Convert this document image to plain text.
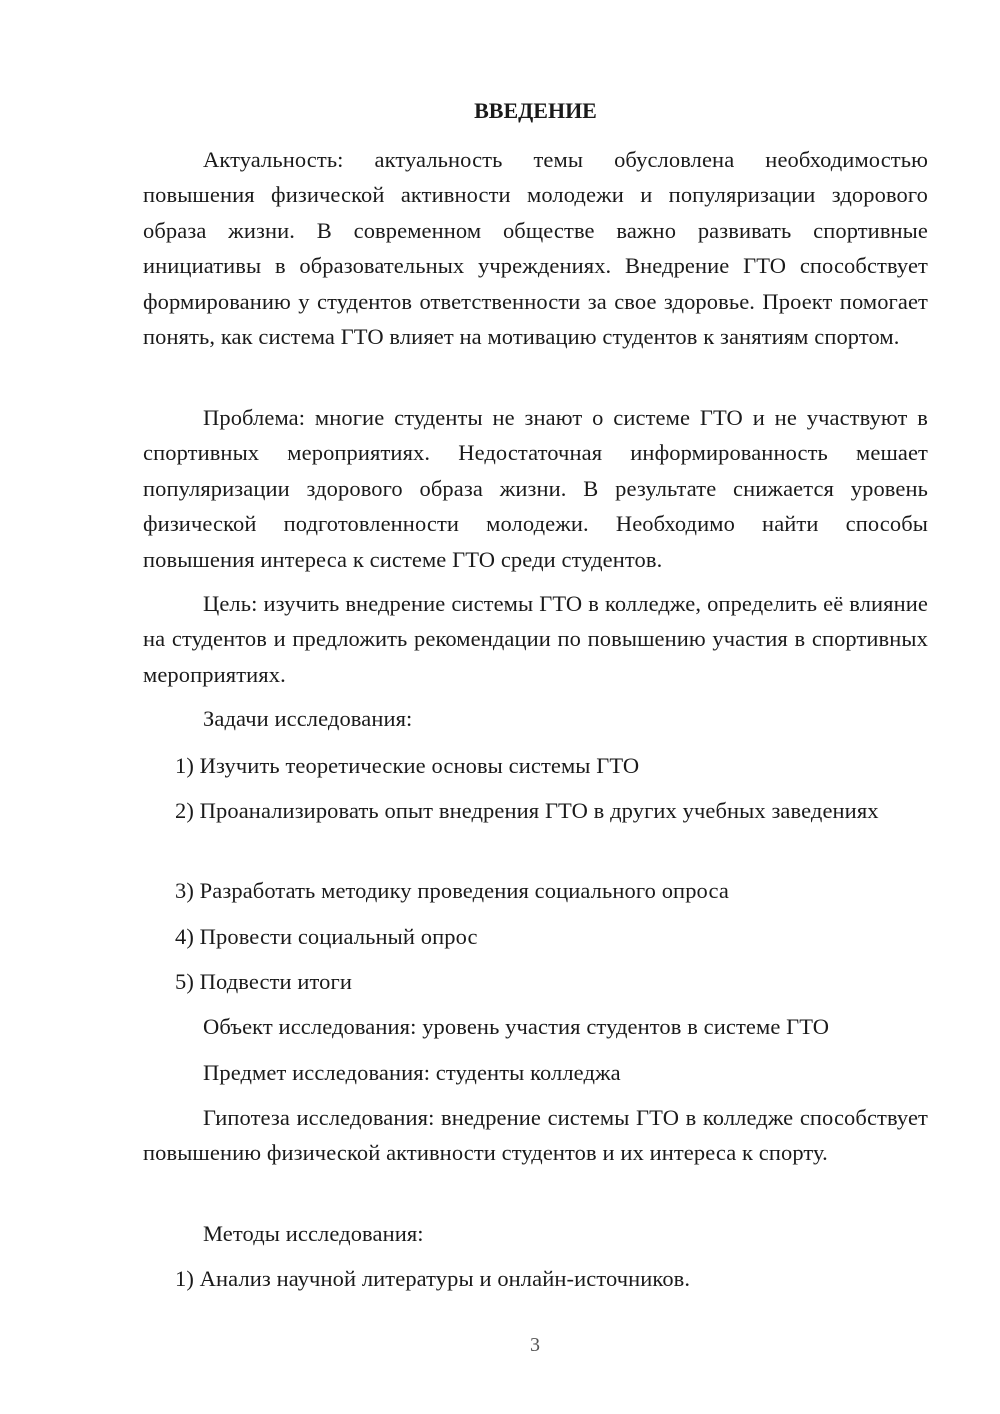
ВВЕДЕНИЕ

Актуальность: актуальность темы обусловлена необходимостью повышения физической активности молодежи и популяризации здорового образа жизни. В современном обществе важно развивать спортивные инициативы в образовательных учреждениях. Внедрение ГТО способствует формированию у студентов ответственности за свое здоровье. Проект помогает понять, как система ГТО влияет на мотивацию студентов к занятиям спортом.

Проблема: многие студенты не знают о системе ГТО и не участвуют в спортивных мероприятиях. Недостаточная информированность мешает популяризации здорового образа жизни. В результате снижается уровень физической подготовленности молодежи. Необходимо найти способы повышения интереса к системе ГТО среди студентов.

Цель: изучить внедрение системы ГТО в колледже, определить её влияние на студентов и предложить рекомендации по повышению участия в спортивных мероприятиях.

Задачи исследования:

1) Изучить теоретические основы системы ГТО

2) Проанализировать опыт внедрения ГТО в других учебных заведениях

3) Разработать методику проведения социального опроса

4) Провести социальный опрос

5) Подвести итоги

Объект исследования: уровень участия студентов в системе ГТО

Предмет исследования: студенты колледжа

Гипотеза исследования: внедрение системы ГТО в колледже способствует повышению физической активности студентов и их интереса к спорту.

Методы исследования:

1) Анализ научной литературы и онлайн-источников.

3
